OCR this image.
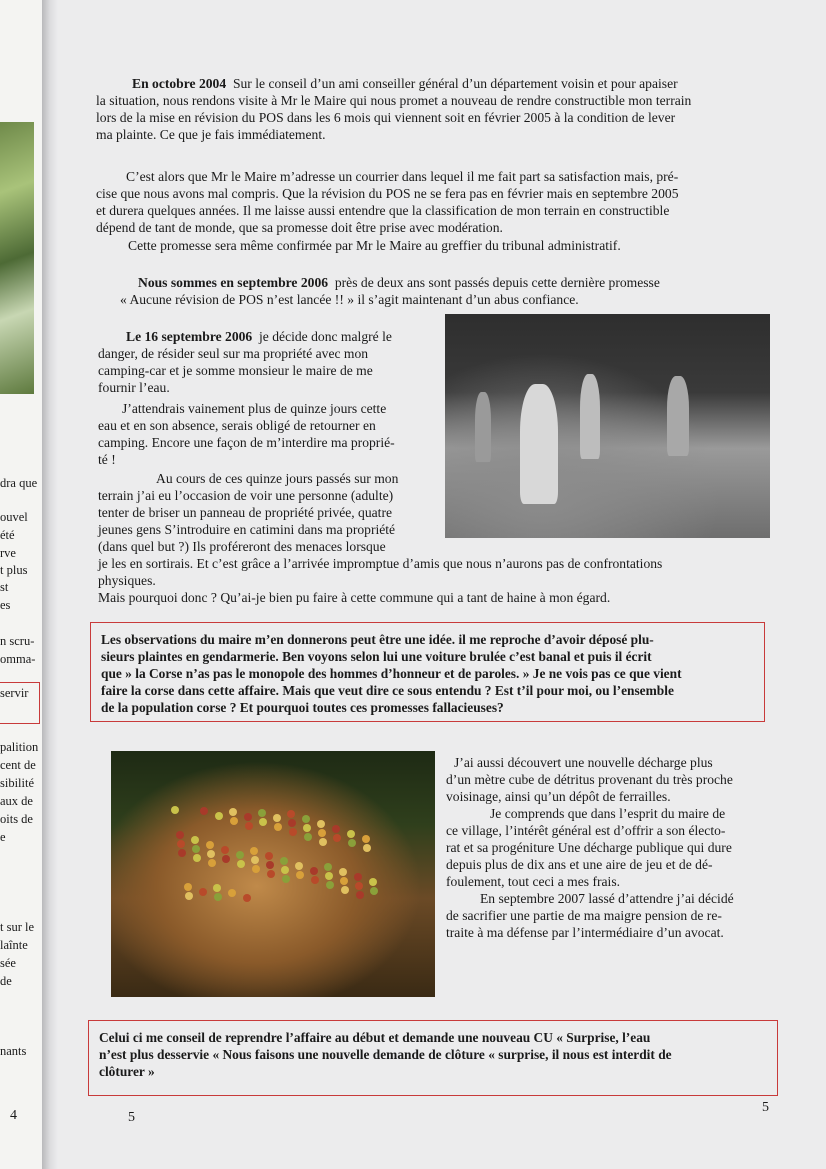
dra que
ouvel
été
rve
t plus
st
es
n scru-
omma-
servir
palition
cent de
sibilité
aux de
oits de
e
t sur le
laînte
sée
de
nants
4
En octobre 2004 Sur le conseil d’un ami conseiller général d’un département voisin et pour apaiser
la situation, nous rendons visite à Mr le Maire qui nous promet a nouveau de rendre constructible mon terrain
lors de la mise en révision du POS dans les 6 mois qui viennent soit en février 2005 à la condition de lever
ma plainte. Ce que je fais immédiatement.
C’est alors que Mr le Maire m’adresse un courrier dans lequel il me fait part sa satisfaction mais, pré-
cise que nous avons mal compris. Que la révision du POS ne se fera pas en février mais en septembre 2005
et durera quelques années. Il me laisse aussi entendre que la classification de mon terrain en constructible
dépend de tant de monde, que sa promesse doit être prise avec modération.
Cette promesse sera même confirmée par Mr le Maire au greffier du tribunal administratif.
Nous sommes en septembre 2006 près de deux ans sont passés depuis cette dernière promesse
« Aucune révision de POS n’est lancée !! » il s’agit maintenant d’un abus confiance.
Le 16 septembre 2006 je décide donc malgré le
danger, de résider seul sur ma propriété avec mon
camping-car et je somme monsieur le maire de me
fournir l’eau.
J’attendrais vainement plus de quinze jours cette
eau et en son absence, serais obligé de retourner en
camping. Encore une façon de m’interdire ma proprié-
té !
Au cours de ces quinze jours passés sur mon
terrain j’ai eu l’occasion de voir une personne (adulte)
tenter de briser un panneau de propriété privée, quatre
jeunes gens S’introduire en catimini dans ma propriété
(dans quel but ?) Ils proféreront des menaces lorsque
je les en sortirais. Et c’est grâce a l’arrivée impromptue d’amis que nous n’aurons pas de confrontations
physiques.
Mais pourquoi donc ? Qu’ai-je bien pu faire à cette commune qui a tant de haine à mon égard.
Les observations du maire m’en donnerons peut être une idée. il me reproche d’avoir déposé plu-
sieurs plaintes en gendarmerie. Ben voyons selon lui une voiture brulée c’est banal et puis il écrit
que » la Corse n’as pas le monopole des hommes d’honneur et de paroles. » Je ne vois pas ce que vient
faire la corse dans cette affaire. Mais que veut dire ce sous entendu ? Est t’il pour moi, ou l’ensemble
de la population corse ? Et pourquoi toutes ces promesses fallacieuses?
J’ai aussi découvert une nouvelle décharge plus
d’un mètre cube de détritus provenant du très proche
voisinage, ainsi qu’un dépôt de ferrailles.
Je comprends que dans l’esprit du maire de
ce village, l’intérêt général est d’offrir a son électo-
rat et sa progéniture Une décharge publique qui dure
depuis plus de dix ans et une aire de jeu et de dé-
foulement, tout ceci a mes frais.
En septembre 2007 lassé d’attendre j’ai décidé
de sacrifier une partie de ma maigre pension de re-
traite à ma défense par l’intermédiaire d’un avocat.
Celui ci me conseil de reprendre l’affaire au début et demande une nouveau CU « Surprise, l’eau
n’est plus desservie « Nous faisons une nouvelle demande de clôture « surprise, il nous est interdit de
clôturer »
5
5
